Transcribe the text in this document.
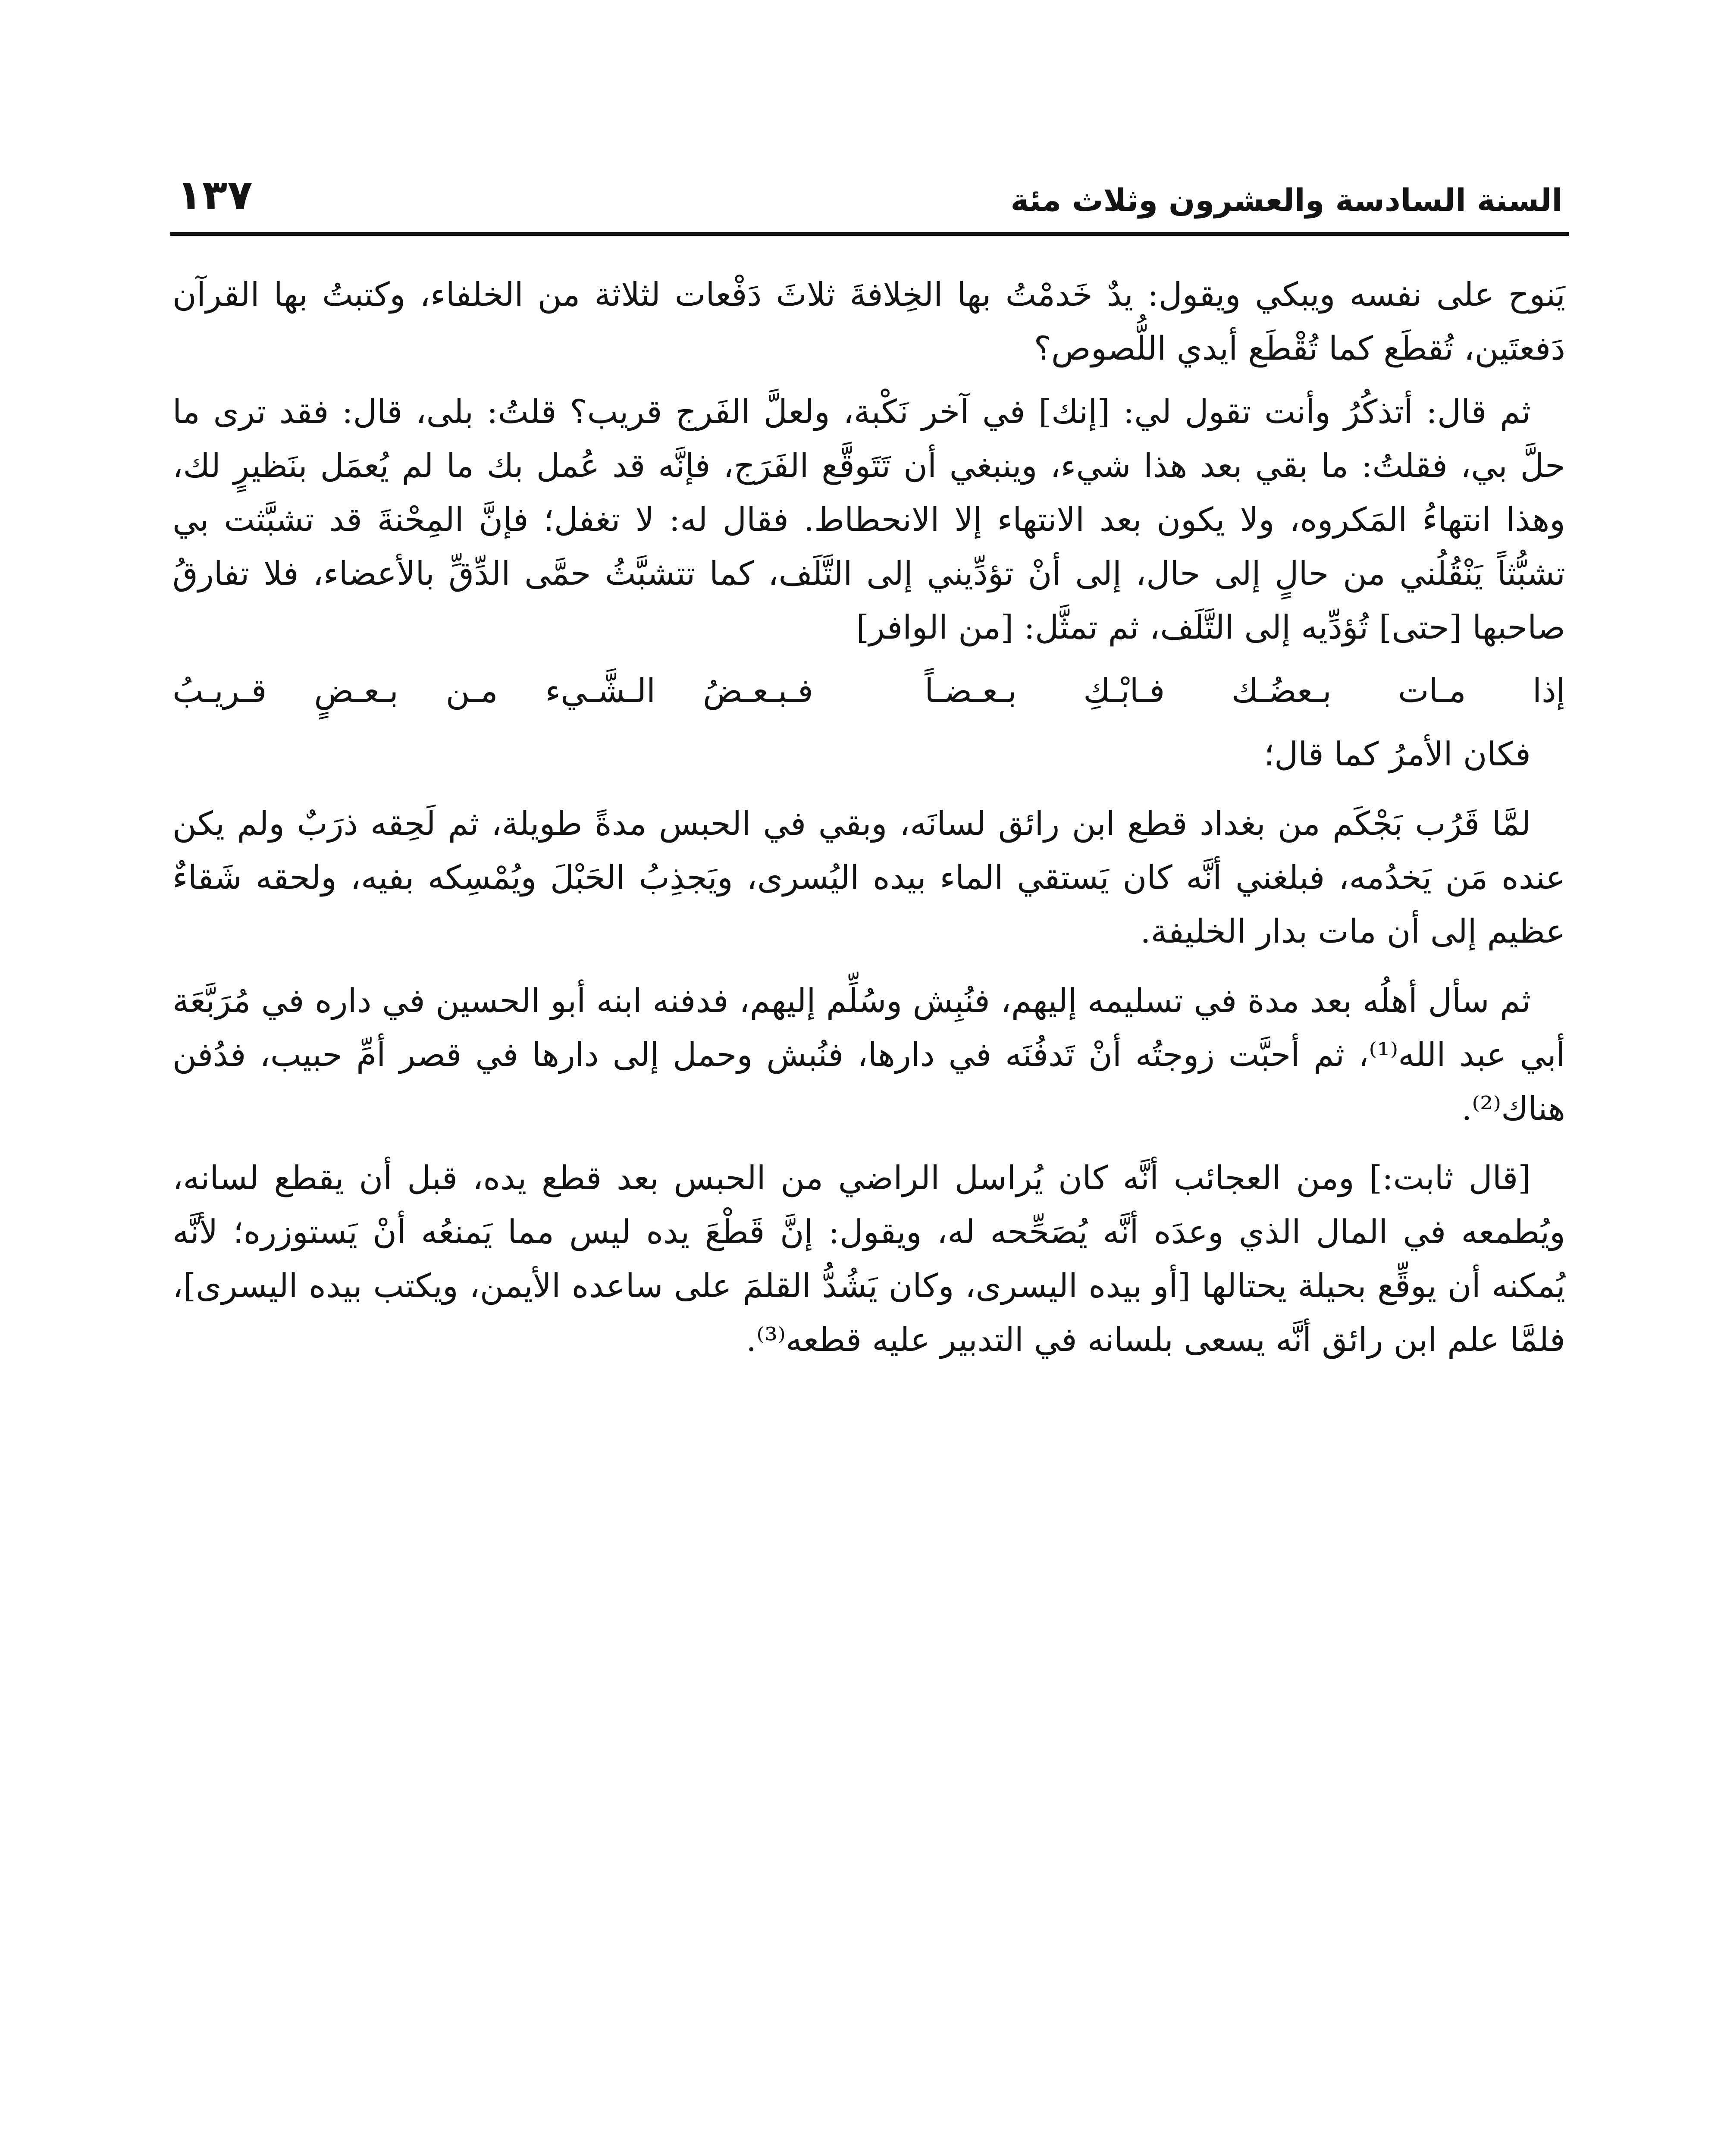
السنة السادسة والعشرون وثلاث مئة
١٣٧

يَنوح على نفسه ويبكي ويقول: يدٌ خَدمْتُ بها الخِلافةَ ثلاثَ دَفْعات لثلاثة من الخلفاء، وكتبتُ بها القرآن دَفعتَين، تُقطَع كما تُقْطَع أيدي اللُّصوص؟

ثم قال: أتذكُرُ وأنت تقول لي: [إنك] في آخر نَكْبة، ولعلَّ الفَرج قريب؟ قلتُ: بلى، قال: فقد ترى ما حلَّ بي، فقلتُ: ما بقي بعد هذا شيء، وينبغي أن تَتَوقَّع الفَرَج، فإنَّه قد عُمل بك ما لم يُعمَل بنَظيرٍ لك، وهذا انتهاءُ المَكروه، ولا يكون بعد الانتهاء إلا الانحطاط. فقال له: لا تغفل؛ فإنَّ المِحْنةَ قد تشبَّثت بي تشبُّثاً يَنْقُلُني من حالٍ إلى حال، إلى أنْ تؤدِّيني إلى التَّلَف، كما تتشبَّثُ حمَّى الدِّقِّ بالأعضاء، فلا تفارقُ صاحبها [حتى] تُؤدِّيه إلى التَّلَف، ثم تمثَّل: [من الوافر]

إذا مـات بـعضُـك فـابْـكِ بـعـضـاً
فـبـعـضُ الـشَّـيء مـن بـعـضٍ قـريـبُ

فكان الأمرُ كما قال؛

لمَّا قَرُب بَجْكَم من بغداد قطع ابن رائق لسانَه، وبقي في الحبس مدةً طويلة، ثم لَحِقه ذرَبٌ ولم يكن عنده مَن يَخدُمه، فبلغني أنَّه كان يَستقي الماء بيده اليُسرى، ويَجذِبُ الحَبْلَ ويُمْسِكه بفيه، ولحقه شَقاءٌ عظيم إلى أن مات بدار الخليفة.

ثم سأل أهلُه بعد مدة في تسليمه إليهم، فنُبِش وسُلِّم إليهم، فدفنه ابنه أبو الحسين في داره في مُرَبَّعَة أبي عبد الله⁽¹⁾، ثم أحبَّت زوجتُه أنْ تَدفُنَه في دارها، فنُبش وحمل إلى دارها في قصر أمِّ حبيب، فدُفن هناك⁽²⁾.

[قال ثابت:] ومن العجائب أنَّه كان يُراسل الراضي من الحبس بعد قطع يده، قبل أن يقطع لسانه، ويُطمعه في المال الذي وعدَه أنَّه يُصَحِّحه له، ويقول: إنَّ قَطْعَ يده ليس مما يَمنعُه أنْ يَستوزره؛ لأنَّه يُمكنه أن يوقِّع بحيلة يحتالها [أو بيده اليسرى، وكان يَشُدُّ القلمَ على ساعده الأيمن، ويكتب بيده اليسرى]، فلمَّا علم ابن رائق أنَّه يسعى بلسانه في التدبير عليه قطعه⁽³⁾.
